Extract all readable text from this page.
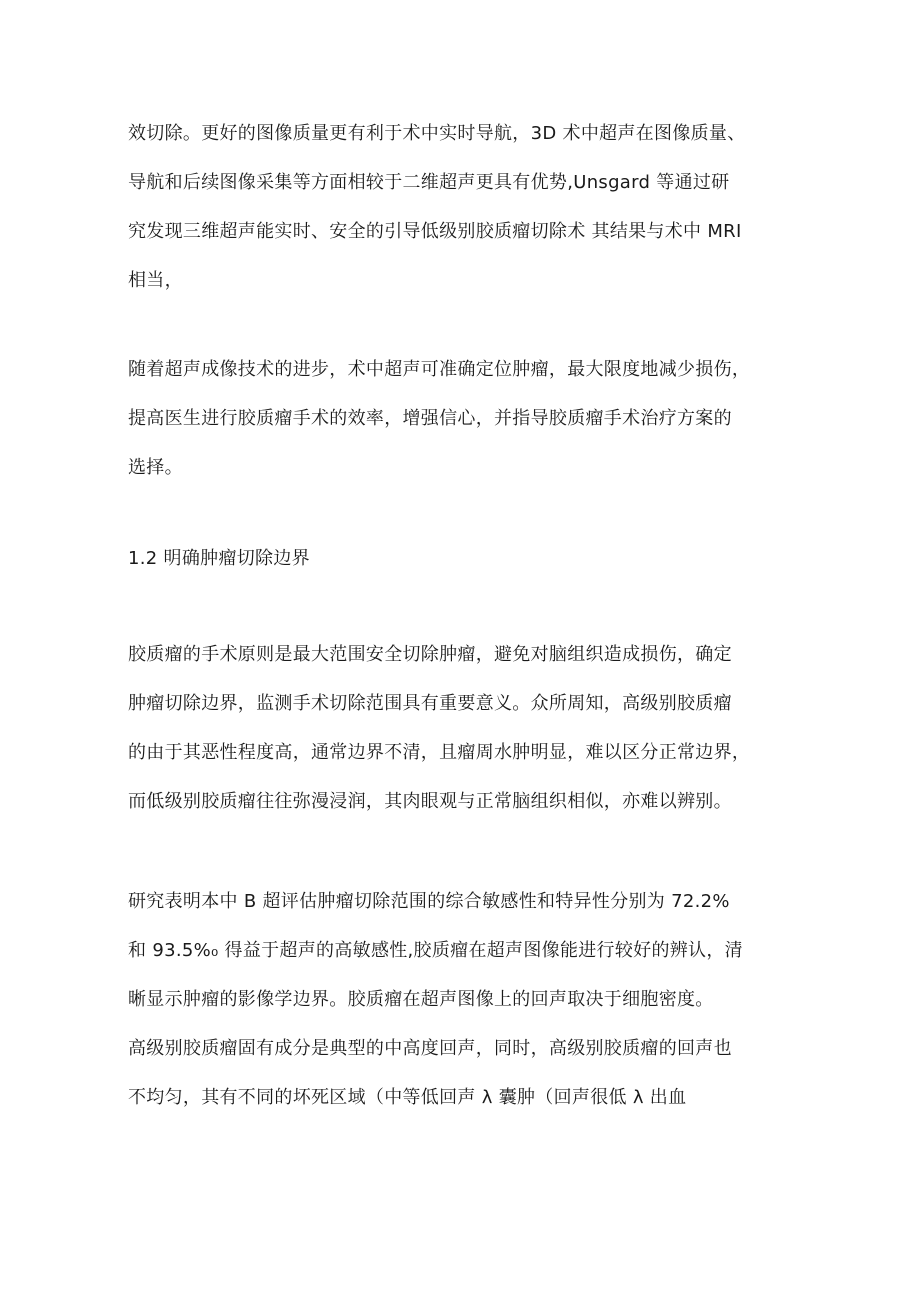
效切除。更好的图像质量更有利于术中实时导航，3D 术中超声在图像质量、

导航和后续图像采集等方面相较于二维超声更具有优势,Unsgard 等通过研

究发现三维超声能实时、安全的引导低级别胶质瘤切除术 其结果与术中 MRI

相当，

随着超声成像技术的进步，术中超声可准确定位肿瘤，最大限度地减少损伤，

提高医生进行胶质瘤手术的效率，增强信心，并指导胶质瘤手术治疗方案的

选择。

1.2 明确肿瘤切除边界

胶质瘤的手术原则是最大范围安全切除肿瘤，避免对脑组织造成损伤，确定

肿瘤切除边界，监测手术切除范围具有重要意义。众所周知，高级别胶质瘤

的由于其恶性程度高，通常边界不清，且瘤周水肿明显，难以区分正常边界，

而低级别胶质瘤往往弥漫浸润，其肉眼观与正常脑组织相似，亦难以辨别。

研究表明本中 B 超评估肿瘤切除范围的综合敏感性和特异性分别为 72.2%

和 93.5%₀ 得益于超声的高敏感性,胶质瘤在超声图像能进行较好的辨认，清

晰显示肿瘤的影像学边界。胶质瘤在超声图像上的回声取决于细胞密度。

高级别胶质瘤固有成分是典型的中高度回声，同时，高级别胶质瘤的回声也

不均匀，其有不同的坏死区域（中等低回声 λ 囊肿（回声很低 λ 出血
